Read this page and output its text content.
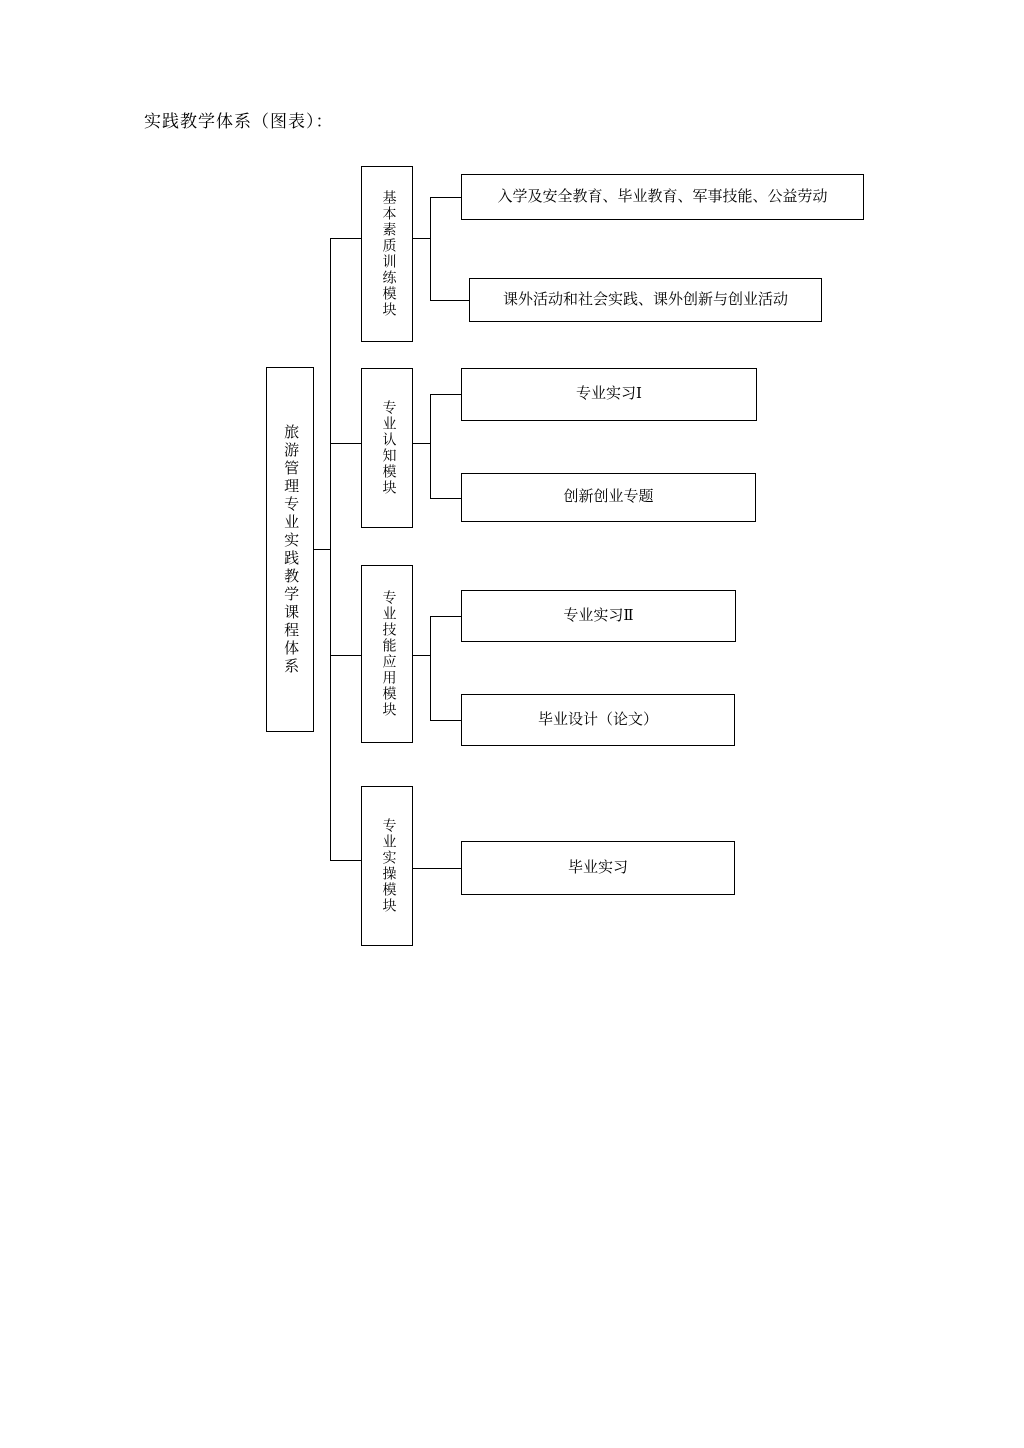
实践教学体系（图表）：
旅游管理专业实践教学课程体系
基本素质训练模块
专业认知模块
专业技能应用模块
专业实操模块
入学及安全教育、毕业教育、军事技能、公益劳动
课外活动和社会实践、课外创新与创业活动
专业实习Ⅰ
创新创业专题
专业实习Ⅱ
毕业设计（论文）
毕业实习
